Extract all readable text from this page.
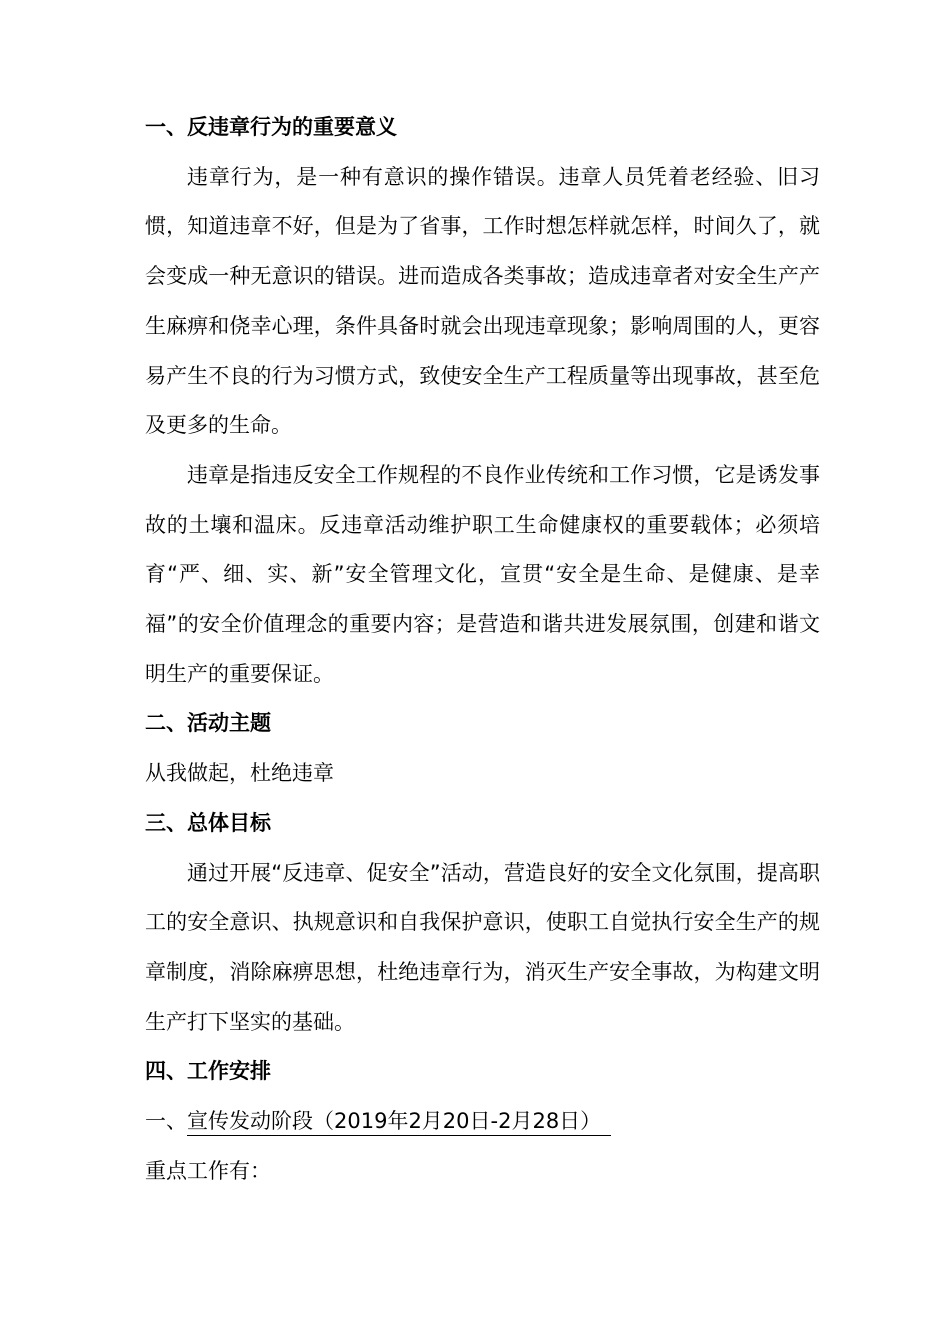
一、反违章行为的重要意义

违章行为，是一种有意识的操作错误。违章人员凭着老经验、旧习惯，知道违章不好，但是为了省事，工作时想怎样就怎样，时间久了，就会变成一种无意识的错误。进而造成各类事故；造成违章者对安全生产产生麻痹和侥幸心理，条件具备时就会出现违章现象；影响周围的人，更容易产生不良的行为习惯方式，致使安全生产工程质量等出现事故，甚至危及更多的生命。

违章是指违反安全工作规程的不良作业传统和工作习惯，它是诱发事故的土壤和温床。反违章活动维护职工生命健康权的重要载体；必须培育“严、细、实、新”安全管理文化，宣贯“安全是生命、是健康、是幸福”的安全价值理念的重要内容；是营造和谐共进发展氛围，创建和谐文明生产的重要保证。

二、活动主题

从我做起，杜绝违章

三、总体目标

通过开展“反违章、促安全”活动，营造良好的安全文化氛围，提高职工的安全意识、执规意识和自我保护意识，使职工自觉执行安全生产的规章制度，消除麻痹思想，杜绝违章行为，消灭生产安全事故，为构建文明生产打下坚实的基础。

四、工作安排

一、宣传发动阶段（2019年2月20日-2月28日）

重点工作有：
